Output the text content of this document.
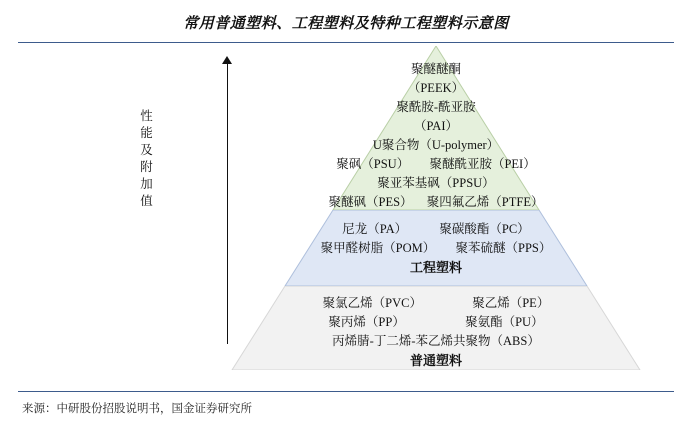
常用普通塑料、工程塑料及特种工程塑料示意图
性能及附加值
聚醚醚酮
（PEEK）
聚酰胺-酰亚胺
（PAI）
U聚合物（U-polymer）
聚砜（PSU） 聚醚酰亚胺（PEI）
聚亚苯基砜（PPSU）
聚醚砜（PES） 聚四氟乙烯（PTFE）
尼龙（PA）	聚碳酸酯（PC）
聚甲醛树脂（POM） 聚苯硫醚（PPS）
工程塑料
聚氯乙烯（PVC）	聚乙烯（PE）
聚丙烯（PP）	聚氨酯（PU）
丙烯腈-丁二烯-苯乙烯共聚物（ABS）
普通塑料
来源：中研股份招股说明书，国金证券研究所
